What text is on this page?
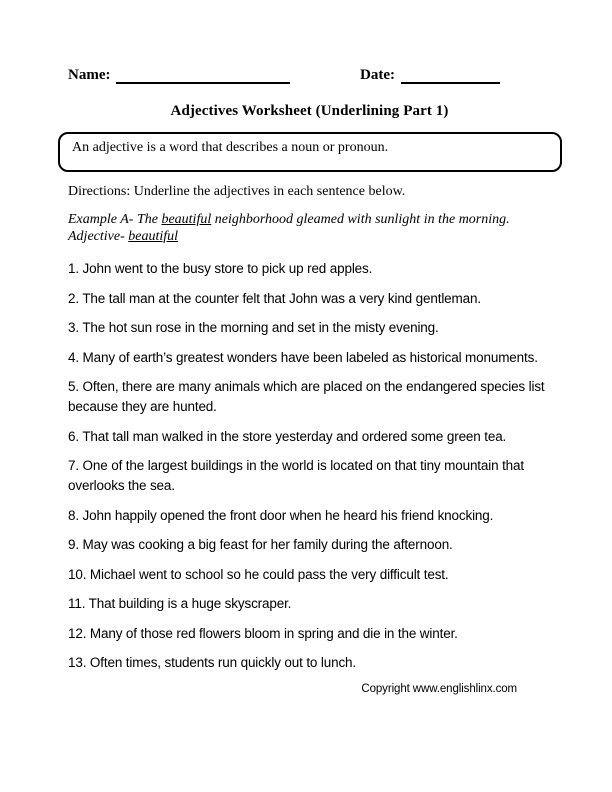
Name:	Date:
Adjectives Worksheet (Underlining Part 1)
An adjective is a word that describes a noun or pronoun.

Directions: Underline the adjectives in each sentence below.

Example A- The beautiful neighborhood gleamed with sunlight in the morning.
Adjective- beautiful

1. John went to the busy store to pick up red apples.

2. The tall man at the counter felt that John was a very kind gentleman.

3. The hot sun rose in the morning and set in the misty evening.

4. Many of earth’s greatest wonders have been labeled as historical monuments.

5. Often, there are many animals which are placed on the endangered species list because they are hunted.

6. That tall man walked in the store yesterday and ordered some green tea.

7. One of the largest buildings in the world is located on that tiny mountain that overlooks the sea.

8. John happily opened the front door when he heard his friend knocking.

9. May was cooking a big feast for her family during the afternoon.

10. Michael went to school so he could pass the very difficult test.

11. That building is a huge skyscraper.

12. Many of those red flowers bloom in spring and die in the winter.

13. Often times, students run quickly out to lunch.

Copyright www.englishlinx.com
